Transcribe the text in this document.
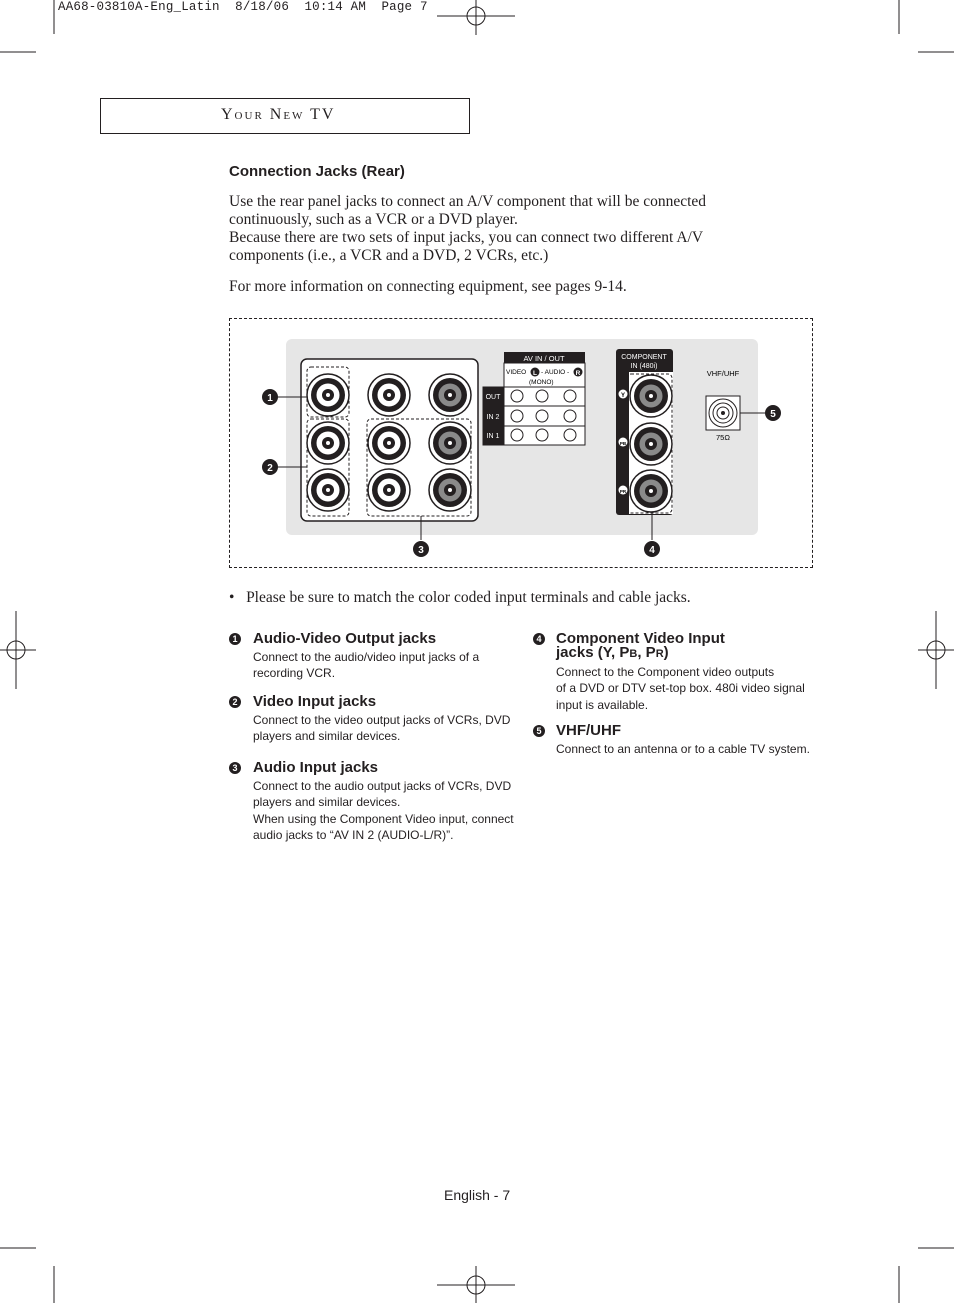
AA68-03810A-Eng_Latin  8/18/06  10:14 AM  Page 7
Your New TV
Connection Jacks (Rear)
Use the rear panel jacks to connect an A/V component that will be connected
continuously, such as a VCR or a DVD player.
Because there are two sets of input jacks, you can connect two different A/V
components (i.e., a VCR and a DVD, 2 VCRs, etc.)
For more information on connecting equipment, see pages 9-14.
AV IN / OUT
VIDEO L - AUDIO - R
(MONO)
OUT
IN 2
IN 1
COMPONENT
IN (480i)
Y
PB
PR
VHF/UHF
75Ω
1
2
3	4
5
•   Please be sure to match the color coded input terminals and cable jacks.
1 Audio-Video Output jacks
Connect to the audio/video input jacks of a
recording VCR.
2 Video Input jacks
Connect to the video output jacks of VCRs, DVD
players and similar devices.
3 Audio Input jacks
Connect to the audio output jacks of VCRs, DVD
players and similar devices.
When using the Component Video input, connect
audio jacks to “AV IN 2 (AUDIO-L/R)”.
4 Component Video Input
jacks (Y, PB, PR)
Connect to the Component video outputs
of a DVD or DTV set-top box. 480i video signal
input is available.
5 VHF/UHF
Connect to an antenna or to a cable TV system.
English - 7
